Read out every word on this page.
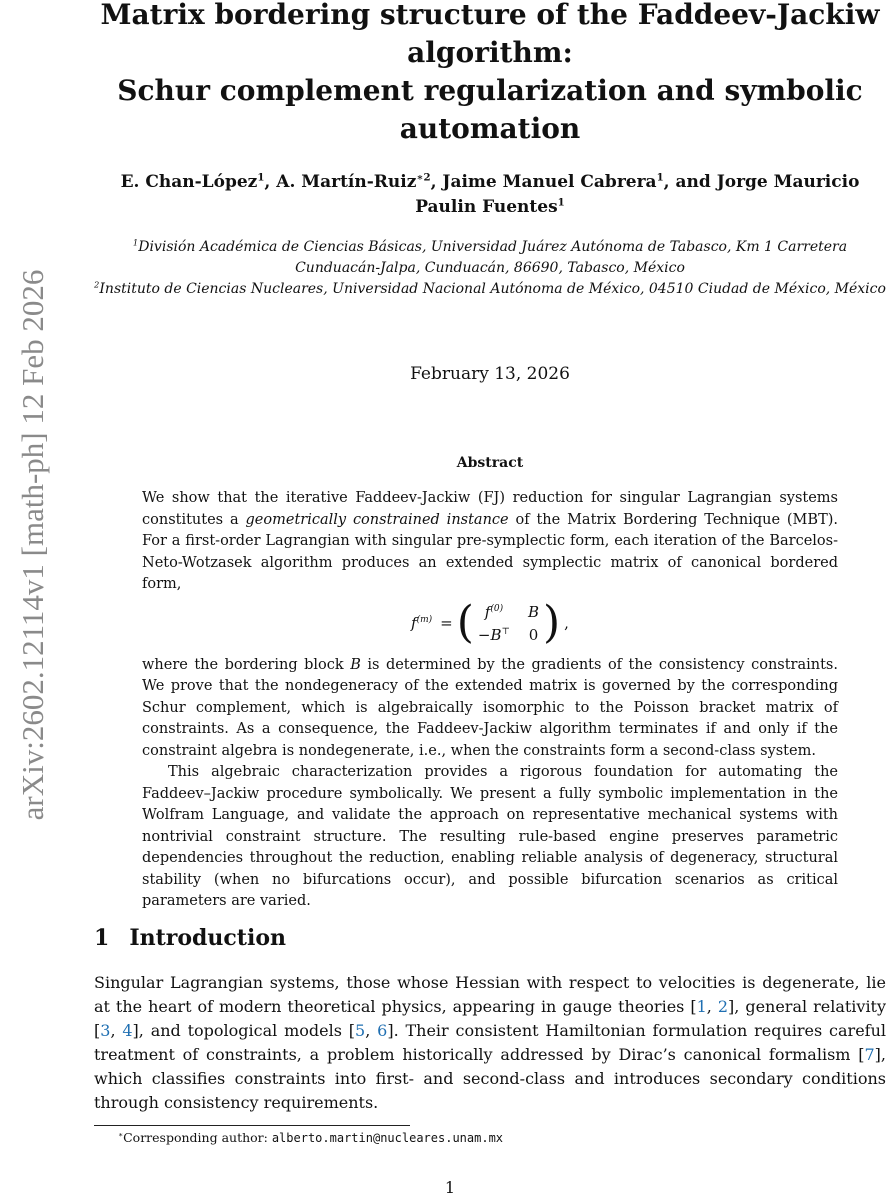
arXiv:2602.12114v1 [math-ph] 12 Feb 2026
Matrix bordering structure of the Faddeev-Jackiw
algorithm:
Schur complement regularization and symbolic
automation
E. Chan-López$^1$, A. Martín-Ruiz$^{∗2}$, Jaime Manuel Cabrera$^1$, and Jorge Mauricio Paulin Fuentes$^1$

$^1$División Académica de Ciencias Básicas, Universidad Juárez Autónoma de Tabasco, Km 1 Carretera Cunduacán-Jalpa, Cunduacán, 86690, Tabasco, México

$^2$Instituto de Ciencias Nucleares, Universidad Nacional Autónoma de México, 04510 Ciudad de México, México

February 13, 2026
Abstract

We show that the iterative Faddeev-Jackiw (FJ) reduction for singular Lagrangian systems constitutes a geometrically constrained instance of the Matrix Bordering Technique (MBT). For a first-order Lagrangian with singular pre-symplectic form, each iteration of the Barcelos-Neto-Wotzasek algorithm produces an extended symplectic matrix of canonical bordered form,

$f^{(m)}$ = ( $f^{(0)}$	B
−B⊤ 0 ) ,

where the bordering block B is determined by the gradients of the consistency constraints. We prove that the nondegeneracy of the extended matrix is governed by the corresponding Schur complement, which is algebraically isomorphic to the Poisson bracket matrix of constraints. As a consequence, the Faddeev-Jackiw algorithm terminates if and only if the constraint algebra is nondegenerate, i.e., when the constraints form a second-class system.

This algebraic characterization provides a rigorous foundation for automating the Faddeev–Jackiw procedure symbolically. We present a fully symbolic implementation in the Wolfram Language, and validate the approach on representative mechanical systems with nontrivial constraint structure. The resulting rule-based engine preserves parametric dependencies throughout the reduction, enabling reliable analysis of degeneracy, structural stability (when no bifurcations occur), and possible bifurcation scenarios as critical parameters are varied.

1 Introduction

Singular Lagrangian systems, those whose Hessian with respect to velocities is degenerate, lie at the heart of modern theoretical physics, appearing in gauge theories [1, 2], general relativity [3, 4], and topological models [5, 6]. Their consistent Hamiltonian formulation requires careful treatment of constraints, a problem historically addressed by Dirac’s canonical formalism [7], which classifies constraints into first- and second-class and introduces secondary conditions through consistency requirements.

∗Corresponding author: alberto.martin@nucleares.unam.mx
1
